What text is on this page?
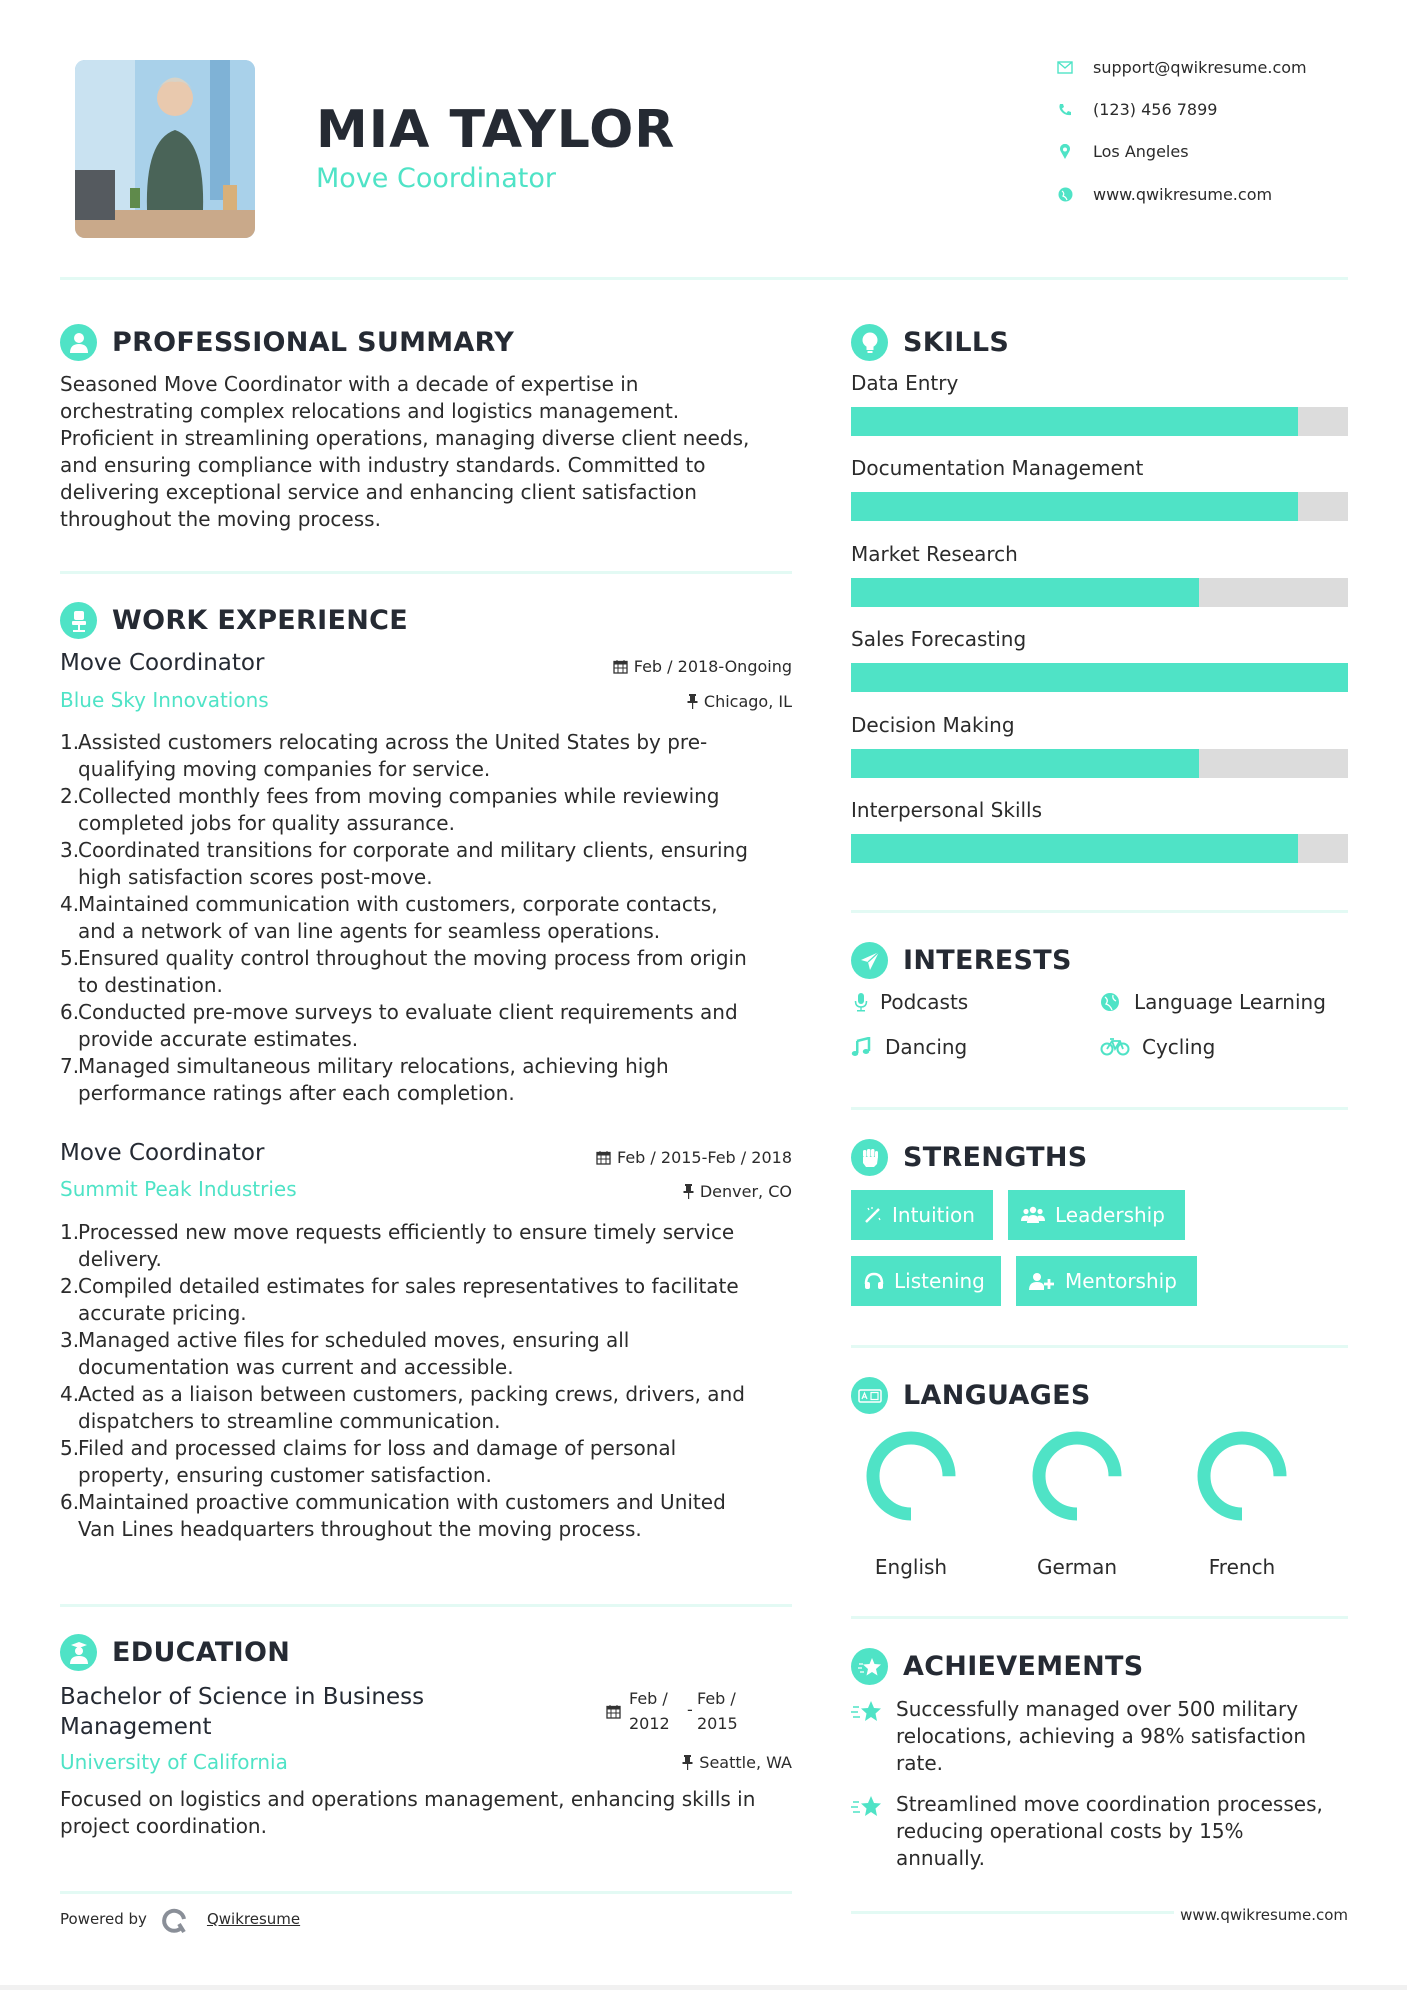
MIA TAYLOR
Move Coordinator
support@qwikresume.com
(123) 456 7899
Los Angeles
www.qwikresume.com
PROFESSIONAL SUMMARY
Seasoned Move Coordinator with a decade of expertise in
orchestrating complex relocations and logistics management.
Proficient in streamlining operations, managing diverse client needs,
and ensuring compliance with industry standards. Committed to
delivering exceptional service and enhancing client satisfaction
throughout the moving process.
WORK EXPERIENCE
Move Coordinator	Feb / 2018-Ongoing
Blue Sky Innovations	Chicago, IL
1.
Assisted customers relocating across the United States by pre-
qualifying moving companies for service.
2.
Collected monthly fees from moving companies while reviewing
completed jobs for quality assurance.
3.
Coordinated transitions for corporate and military clients, ensuring
high satisfaction scores post-move.
4.
Maintained communication with customers, corporate contacts,
and a network of van line agents for seamless operations.
5.
Ensured quality control throughout the moving process from origin
to destination.
6.
Conducted pre-move surveys to evaluate client requirements and
provide accurate estimates.
7.
Managed simultaneous military relocations, achieving high
performance ratings after each completion.
Move Coordinator	Feb / 2015-Feb / 2018
Summit Peak Industries	Denver, CO
1.
Processed new move requests efficiently to ensure timely service
delivery.
2.
Compiled detailed estimates for sales representatives to facilitate
accurate pricing.
3.
Managed active files for scheduled moves, ensuring all
documentation was current and accessible.
4.
Acted as a liaison between customers, packing crews, drivers, and
dispatchers to streamline communication.
5.
Filed and processed claims for loss and damage of personal
property, ensuring customer satisfaction.
6.
Maintained proactive communication with customers and United
Van Lines headquarters throughout the moving process.
EDUCATION
Bachelor of Science in Business
Management
Feb /
2012
-
Feb /
2015
University of California	Seattle, WA
Focused on logistics and operations management, enhancing skills in
project coordination.
Powered by	Qwikresume
SKILLS
Data Entry
Documentation Management
Market Research
Sales Forecasting
Decision Making
Interpersonal Skills
INTERESTS
Podcasts	Language Learning
Dancing	Cycling
STRENGTHS
Intuition	Leadership
Listening	Mentorship
LANGUAGES
English	German	French
ACHIEVEMENTS
Successfully managed over 500 military
relocations, achieving a 98% satisfaction
rate.
Streamlined move coordination processes,
reducing operational costs by 15%
annually.
www.qwikresume.com
